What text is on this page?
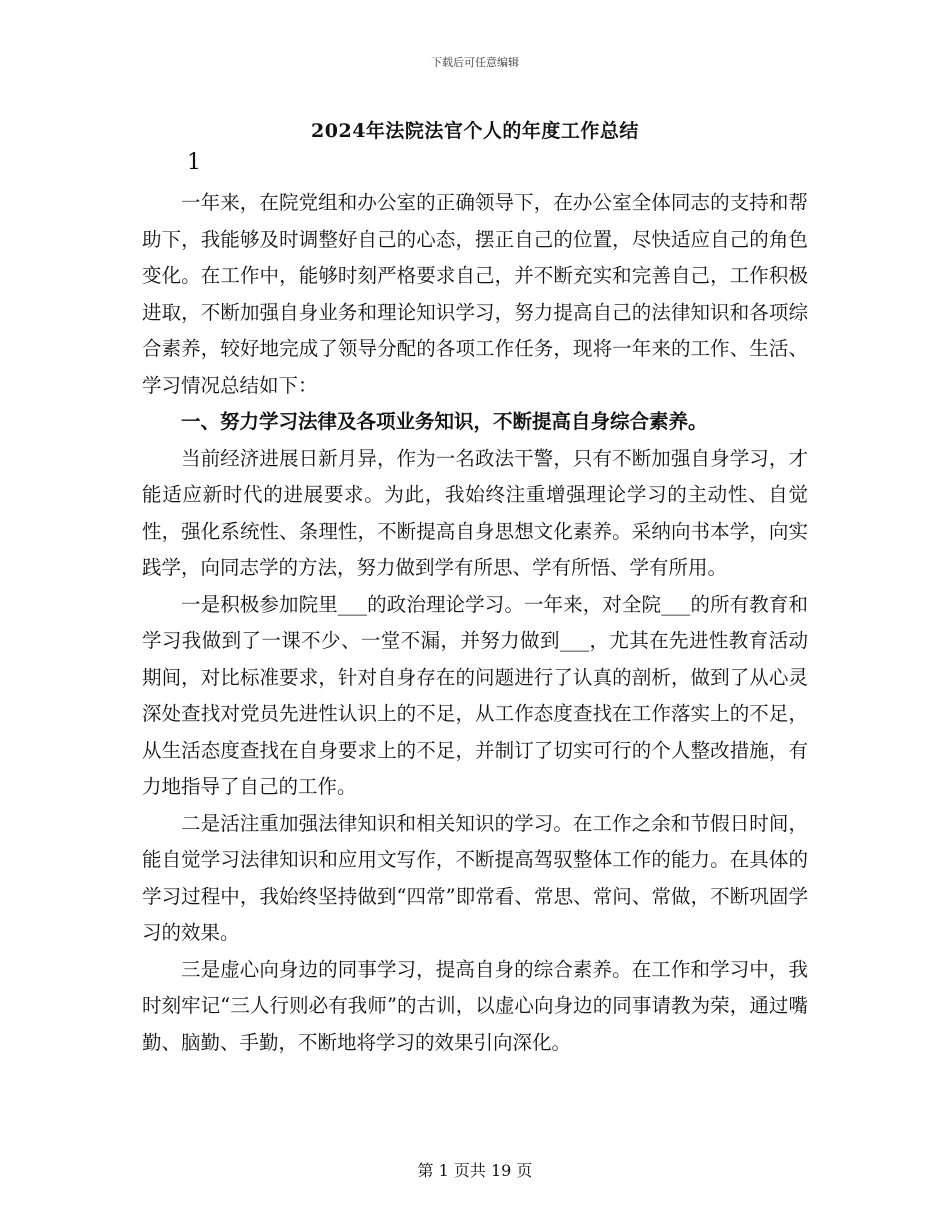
下载后可任意编辑
2024年法院法官个人的年度工作总结
1

一年来，在院党组和办公室的正确领导下，在办公室全体同志的支持和帮助下，我能够及时调整好自己的心态，摆正自己的位置，尽快适应自己的角色变化。在工作中，能够时刻严格要求自己，并不断充实和完善自己，工作积极进取，不断加强自身业务和理论知识学习，努力提高自己的法律知识和各项综合素养，较好地完成了领导分配的各项工作任务，现将一年来的工作、生活、学习情况总结如下：

一、努力学习法律及各项业务知识，不断提高自身综合素养。

当前经济进展日新月异，作为一名政法干警，只有不断加强自身学习，才能适应新时代的进展要求。为此，我始终注重增强理论学习的主动性、自觉性，强化系统性、条理性，不断提高自身思想文化素养。采纳向书本学，向实践学，向同志学的方法，努力做到学有所思、学有所悟、学有所用。

一是积极参加院里___的政治理论学习。一年来，对全院___的所有教育和学习我做到了一课不少、一堂不漏，并努力做到___，尤其在先进性教育活动期间，对比标准要求，针对自身存在的问题进行了认真的剖析，做到了从心灵深处查找对党员先进性认识上的不足，从工作态度查找在工作落实上的不足，从生活态度查找在自身要求上的不足，并制订了切实可行的个人整改措施，有力地指导了自己的工作。

二是活注重加强法律知识和相关知识的学习。在工作之余和节假日时间，能自觉学习法律知识和应用文写作，不断提高驾驭整体工作的能力。在具体的学习过程中，我始终坚持做到“四常”即常看、常思、常问、常做，不断巩固学习的效果。

三是虚心向身边的同事学习，提高自身的综合素养。在工作和学习中，我时刻牢记“三人行则必有我师”的古训，以虚心向身边的同事请教为荣，通过嘴勤、脑勤、手勤，不断地将学习的效果引向深化。

第 1 页共 19 页
